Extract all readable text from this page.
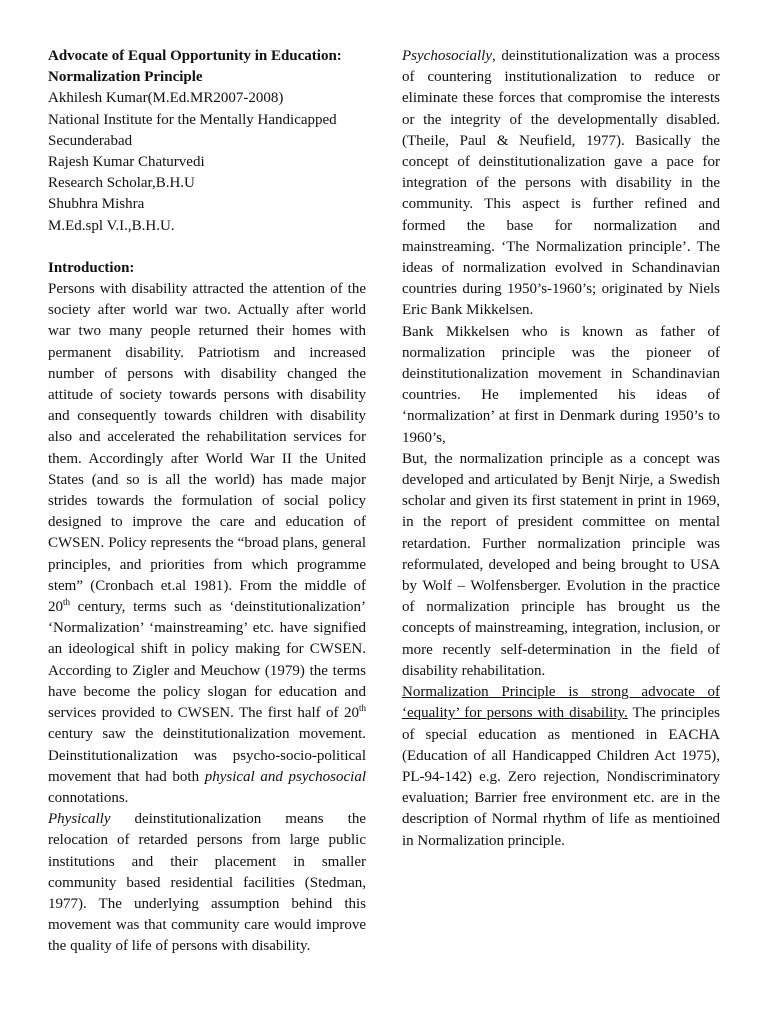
Advocate of Equal Opportunity in Education:
Normalization Principle
Akhilesh Kumar(M.Ed.MR2007-2008)
National Institute for the Mentally Handicapped
Secunderabad
Rajesh Kumar Chaturvedi
Research Scholar,B.H.U
Shubhra Mishra
M.Ed.spl V.I.,B.H.U.
Introduction:

Persons with disability attracted the attention of the society after world war two. Actually after world war two many people returned their homes with permanent disability. Patriotism and increased number of persons with disability changed the attitude of society towards persons with disability and consequently towards children with disability also and accelerated the rehabilitation services for them. Accordingly after World War II the United States (and so is all the world) has made major strides towards the formulation of social policy designed to improve the care and education of CWSEN. Policy represents the “broad plans, general principles, and priorities from which programme stem” (Cronbach et.al 1981). From the middle of 20th century, terms such as ‘deinstitutionalization’ ‘Normalization’ ‘mainstreaming’ etc. have signified an ideological shift in policy making for CWSEN. According to Zigler and Meuchow (1979) the terms have become the policy slogan for education and services provided to CWSEN. The first half of 20th century saw the deinstitutionalization movement. Deinstitutionalization was psycho-socio-political movement that had both physical and psychosocial connotations.

Physically deinstitutionalization means the relocation of retarded persons from large public institutions and their placement in smaller community based residential facilities (Stedman, 1977). The underlying assumption behind this movement was that community care would improve the quality of life of persons with disability.

Psychosocially, deinstitutionalization was a process of countering institutionalization to reduce or eliminate these forces that compromise the interests or the integrity of the developmentally disabled. (Theile, Paul & Neufield, 1977). Basically the concept of deinstitutionalization gave a pace for integration of the persons with disability in the community. This aspect is further refined and formed the base for normalization and mainstreaming. ‘The Normalization principle’. The ideas of normalization evolved in Schandinavian countries during 1950’s-1960’s; originated by Niels Eric Bank Mikkelsen.

Bank Mikkelsen who is known as father of normalization principle was the pioneer of deinstitutionalization movement in Schandinavian countries. He implemented his ideas of ‘normalization’ at first in Denmark during 1950’s to 1960’s,

But, the normalization principle as a concept was developed and articulated by Benjt Nirje, a Swedish scholar and given its first statement in print in 1969, in the report of president committee on mental retardation. Further normalization principle was reformulated, developed and being brought to USA by Wolf – Wolfensberger. Evolution in the practice of normalization principle has brought us the concepts of mainstreaming, integration, inclusion, or more recently self-determination in the field of disability rehabilitation.

Normalization Principle is strong advocate of ‘equality’ for persons with disability. The principles of special education as mentioned in EACHA (Education of all Handicapped Children Act 1975), PL-94-142) e.g. Zero rejection, Nondiscriminatory evaluation; Barrier free environment etc. are in the description of Normal rhythm of life as mentioined in Normalization principle.
